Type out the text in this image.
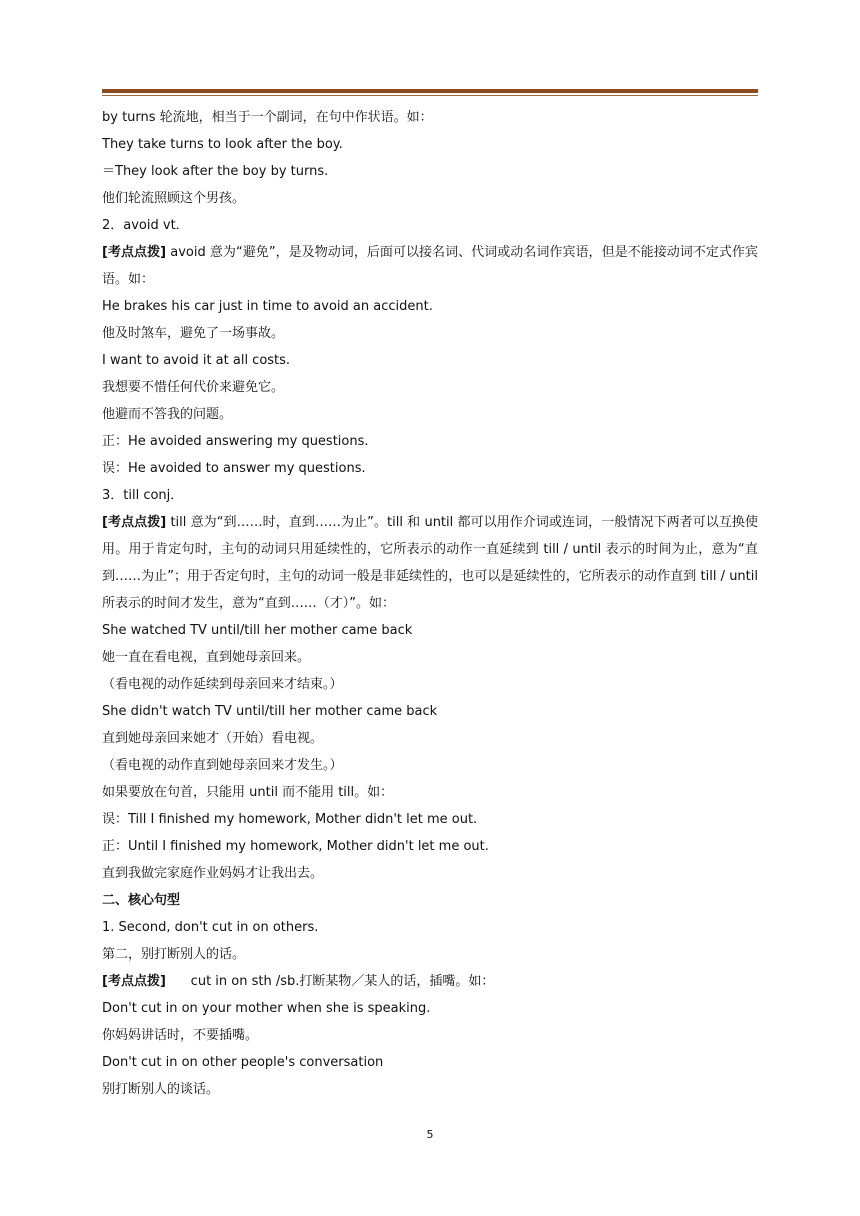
by turns 轮流地，相当于一个副词，在句中作状语。如：
They take turns to look after the boy.
＝They look after the boy by turns.
他们轮流照顾这个男孩。
2．avoid vt．
[考点点拨] avoid 意为“避免”，是及物动词，后面可以接名词、代词或动名词作宾语，但是不能接动词不定式作宾语。如：
He brakes his car just in time to avoid an accident.
他及时煞车，避免了一场事故。
I want to avoid it at all costs.
我想要不惜任何代价来避免它。
他避而不答我的问题。
正：He avoided answering my questions.
误：He avoided to answer my questions.
3．till conj．
[考点点拨] till 意为“到……时，直到……为止”。till 和 until 都可以用作介词或连词，一般情况下两者可以互换使用。用于肯定句时，主句的动词只用延续性的，它所表示的动作一直延续到 till / until 表示的时间为止，意为“直到……为止”；用于否定句时，主句的动词一般是非延续性的，也可以是延续性的，它所表示的动作直到 till / until 所表示的时间才发生，意为“直到……（才）”。如：
She watched TV until/till her mother came back
她一直在看电视，直到她母亲回来。
（看电视的动作延续到母亲回来才结束。）
She didn't watch TV until/till her mother came back
直到她母亲回来她才（开始）看电视。
（看电视的动作直到她母亲回来才发生。）
如果要放在句首，只能用 until 而不能用 till。如：
误：Till I finished my homework, Mother didn't let me out.
正：Until I finished my homework, Mother didn't let me out.
直到我做完家庭作业妈妈才让我出去。
二、核心句型
1. Second, don't cut in on others.
第二，别打断别人的话。
[考点点拨]      cut in on sth /sb.打断某物／某人的话，插嘴。如：
Don't cut in on your mother when she is speaking.
你妈妈讲话时，不要插嘴。
Don't cut in on other people's conversation
别打断别人的谈话。
5
